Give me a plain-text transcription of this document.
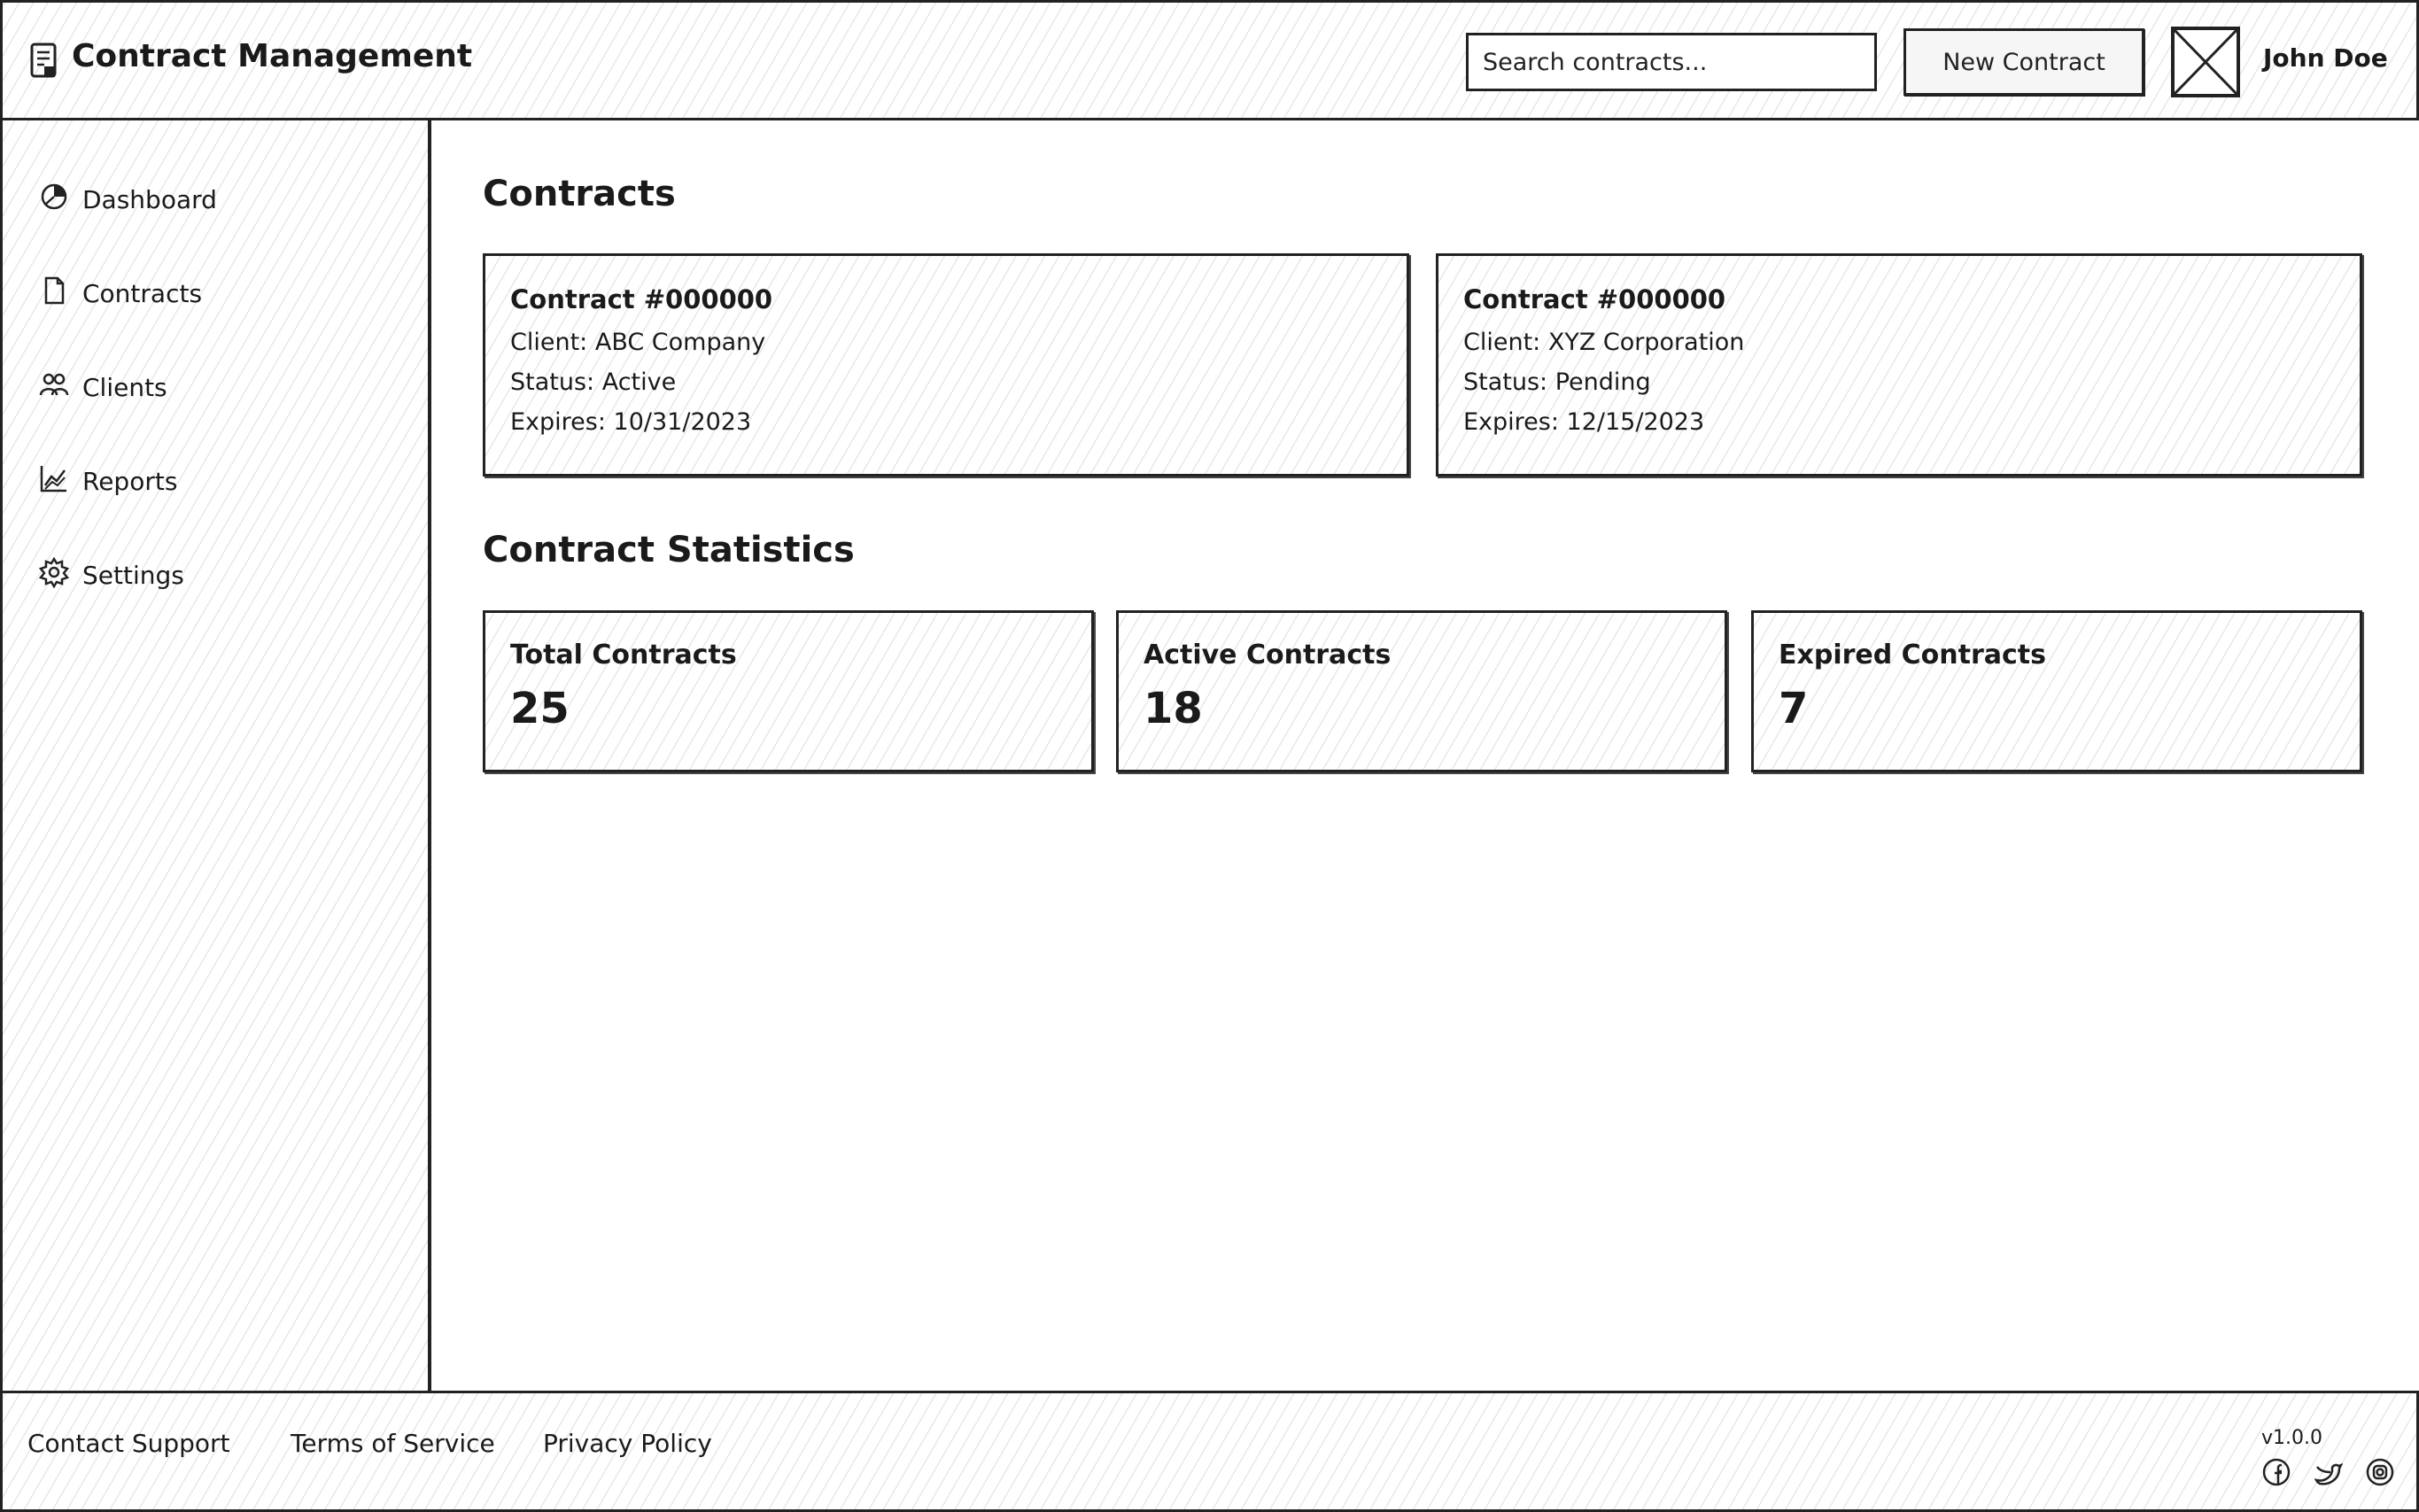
Contract Management
Search contracts...	New Contract	John Doe
Dashboard
Contracts
Clients
Reports
Settings
Contracts
Contract #000000
Client: ABC Company
Status: Active
Expires: 10/31/2023
Contract #000000
Client: XYZ Corporation
Status: Pending
Expires: 12/15/2023
Contract Statistics
Total Contracts
25
Active Contracts
18
Expired Contracts
7
Contact Support Terms of Service Privacy Policy	v1.0.0
